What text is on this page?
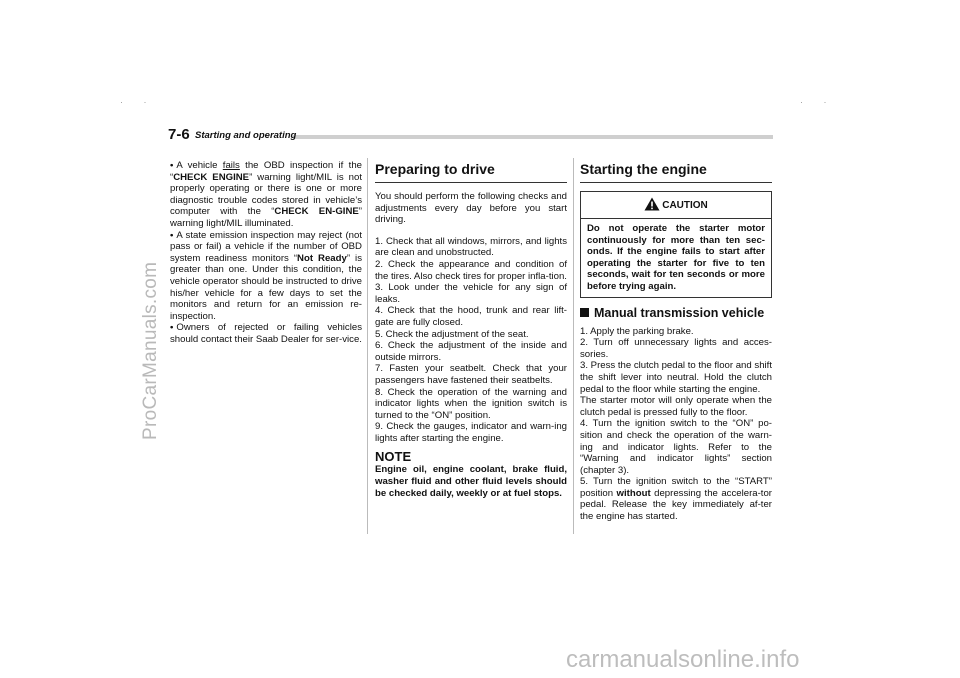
· ·	· ·
ProCarManuals.com
carmanualsonline.info
7-6 Starting and operating

• A vehicle fails the OBD inspection if the “CHECK ENGINE” warning light/MIL is not properly operating or there is one or more diagnostic trouble codes stored in vehicle’s computer with the “CHECK EN-GINE” warning light/MIL illuminated.

• A state emission inspection may reject (not pass or fail) a vehicle if the number of OBD system readiness monitors “Not Ready” is greater than one. Under this condition, the vehicle operator should be instructed to drive his/her vehicle for a few days to set the monitors and return for an emission re-inspection.

• Owners of rejected or failing vehicles should contact their Saab Dealer for ser-vice.

Preparing to drive

You should perform the following checks and adjustments every day before you start driving.

1. Check that all windows, mirrors, and lights are clean and unobstructed.

2. Check the appearance and condition of the tires. Also check tires for proper infla-tion.

3. Look under the vehicle for any sign of leaks.

4. Check that the hood, trunk and rear lift-gate are fully closed.

5. Check the adjustment of the seat.

6. Check the adjustment of the inside and outside mirrors.

7. Fasten your seatbelt. Check that your passengers have fastened their seatbelts.

8. Check the operation of the warning and indicator lights when the ignition switch is turned to the “ON” position.

9. Check the gauges, indicator and warn-ing lights after starting the engine.

NOTE

Engine oil, engine coolant, brake fluid, washer fluid and other fluid levels should be checked daily, weekly or at fuel stops.

Starting the engine
CAUTION

Do not operate the starter motor continuously for more than ten sec-onds. If the engine fails to start after operating the starter for five to ten seconds, wait for ten seconds or more before trying again.

Manual transmission vehicle

1. Apply the parking brake.

2. Turn off unnecessary lights and acces-sories.

3. Press the clutch pedal to the floor and shift the shift lever into neutral. Hold the clutch pedal to the floor while starting the engine.

The starter motor will only operate when the clutch pedal is pressed fully to the floor.

4. Turn the ignition switch to the “ON” po-sition and check the operation of the warn-ing and indicator lights. Refer to the “Warning and indicator lights” section (chapter 3).

5. Turn the ignition switch to the “START” position without depressing the accelera-tor pedal. Release the key immediately af-ter the engine has started.
